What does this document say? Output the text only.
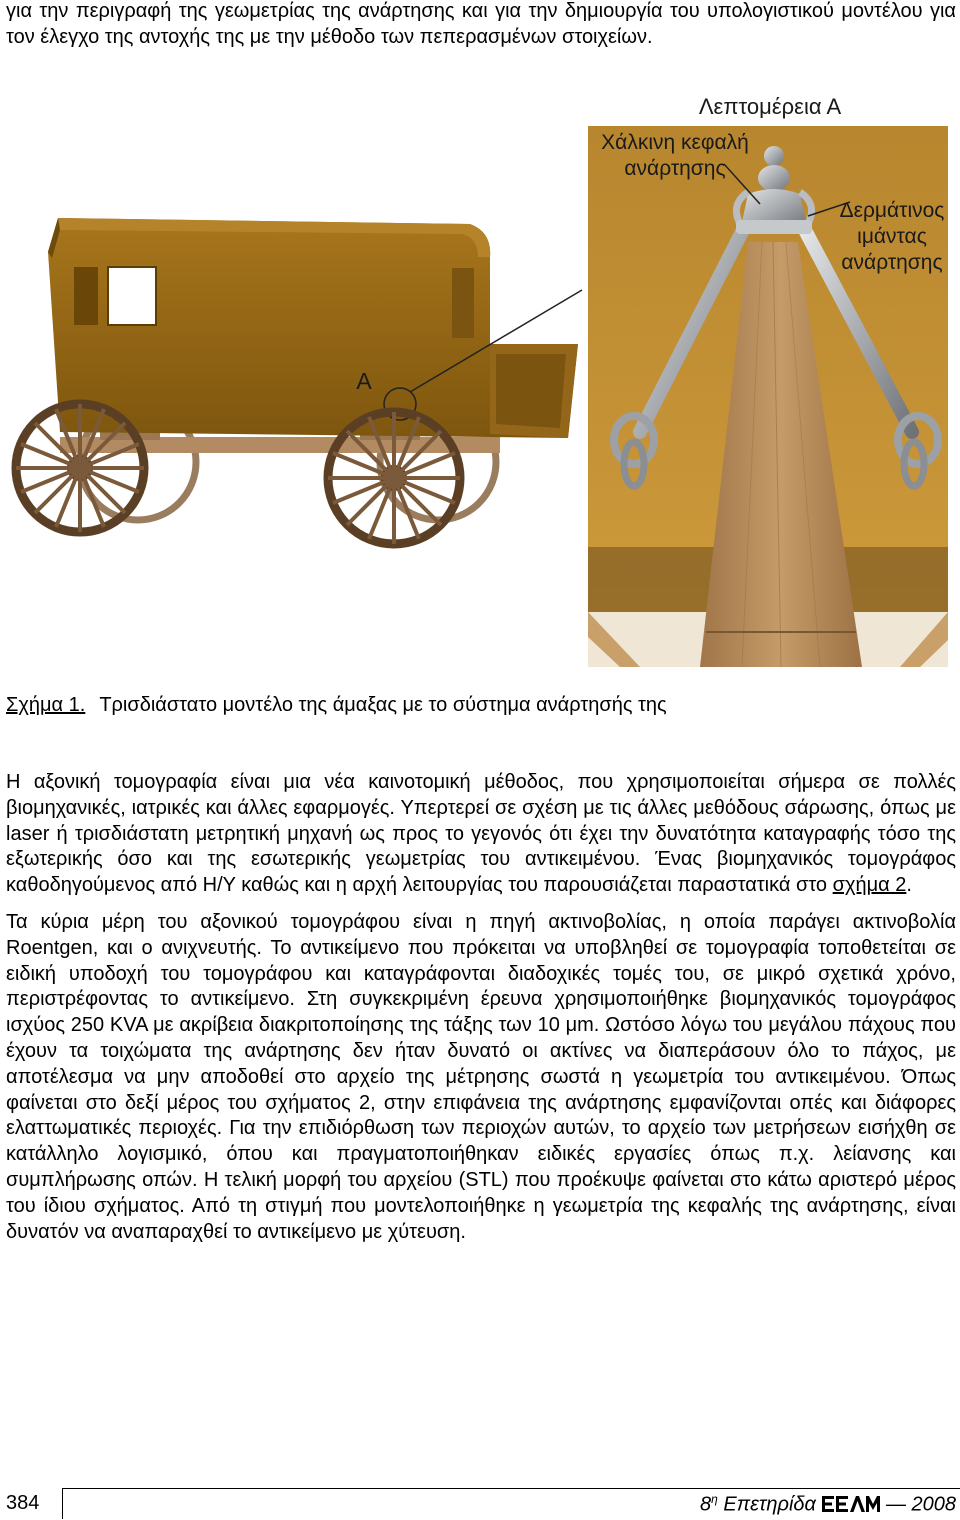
για την περιγραφή της γεωμετρίας της ανάρτησης και για την δημιουργία του υπολογιστικού μοντέλου για τον έλεγχο της αντοχής της με την μέθοδο των πεπερασμένων στοιχείων.
Λεπτομέρεια Α
Χάλκινη κεφαλή ανάρτησης
Δερμάτινος ιμάντας ανάρτησης
Α
Σχήμα 1. Τρισδιάστατο μοντέλο της άμαξας με το σύστημα ανάρτησής της

Η αξονική τομογραφία είναι μια νέα καινοτομική μέθοδος, που χρησιμοποιείται σήμερα σε πολλές βιομηχανικές, ιατρικές και άλλες εφαρμογές. Υπερτερεί σε σχέση με τις άλλες μεθόδους σάρωσης, όπως με laser ή τρισδιάστατη μετρητική μηχανή ως προς το γεγονός ότι έχει την δυνατότητα καταγραφής τόσο της εξωτερικής όσο και της εσωτερικής γεωμετρίας του αντικειμένου. Ένας βιομηχανικός τομογράφος καθοδηγούμενος από Η/Υ καθώς και η αρχή λειτουργίας του παρουσιάζεται παραστατικά στο σχήμα 2.

Τα κύρια μέρη του αξονικού τομογράφου είναι η πηγή ακτινοβολίας, η οποία παράγει ακτινοβολία Roentgen, και ο ανιχνευτής. Το αντικείμενο που πρόκειται να υποβληθεί σε τομογραφία τοποθετείται σε ειδική υποδοχή του τομογράφου και καταγράφονται διαδοχικές τομές του, σε μικρό σχετικά χρόνο, περιστρέφοντας το αντικείμενο. Στη συγκεκριμένη έρευνα χρησιμοποιήθηκε βιομηχανικός τομογράφος ισχύος 250 KVA με ακρίβεια διακριτοποίησης της τάξης των 10 μm. Ωστόσο λόγω του μεγάλου πάχους που έχουν τα τοιχώματα της ανάρτησης δεν ήταν δυνατό οι ακτίνες να διαπεράσουν όλο το πάχος, με αποτέλεσμα να μην αποδοθεί στο αρχείο της μέτρησης σωστά η γεωμετρία του αντικειμένου. Όπως φαίνεται στο δεξί μέρος του σχήματος 2, στην επιφάνεια της ανάρτησης εμφανίζονται οπές και διάφορες ελαττωματικές περιοχές. Για την επιδιόρθωση των περιοχών αυτών, το αρχείο των μετρήσεων εισήχθη σε κατάλληλο λογισμικό, όπου και πραγματοποιήθηκαν ειδικές εργασίες όπως π.χ. λείανσης και συμπλήρωσης οπών. Η τελική μορφή του αρχείου (STL) που προέκυψε φαίνεται στο κάτω αριστερό μέρος του ίδιου σχήματος. Από τη στιγμή που μοντελοποιήθηκε η γεωμετρία της κεφαλής της ανάρτησης, είναι δυνατόν να αναπαραχθεί το αντικείμενο με χύτευση.

384	$8^\eta$ Επετηρίδα	— 2008
